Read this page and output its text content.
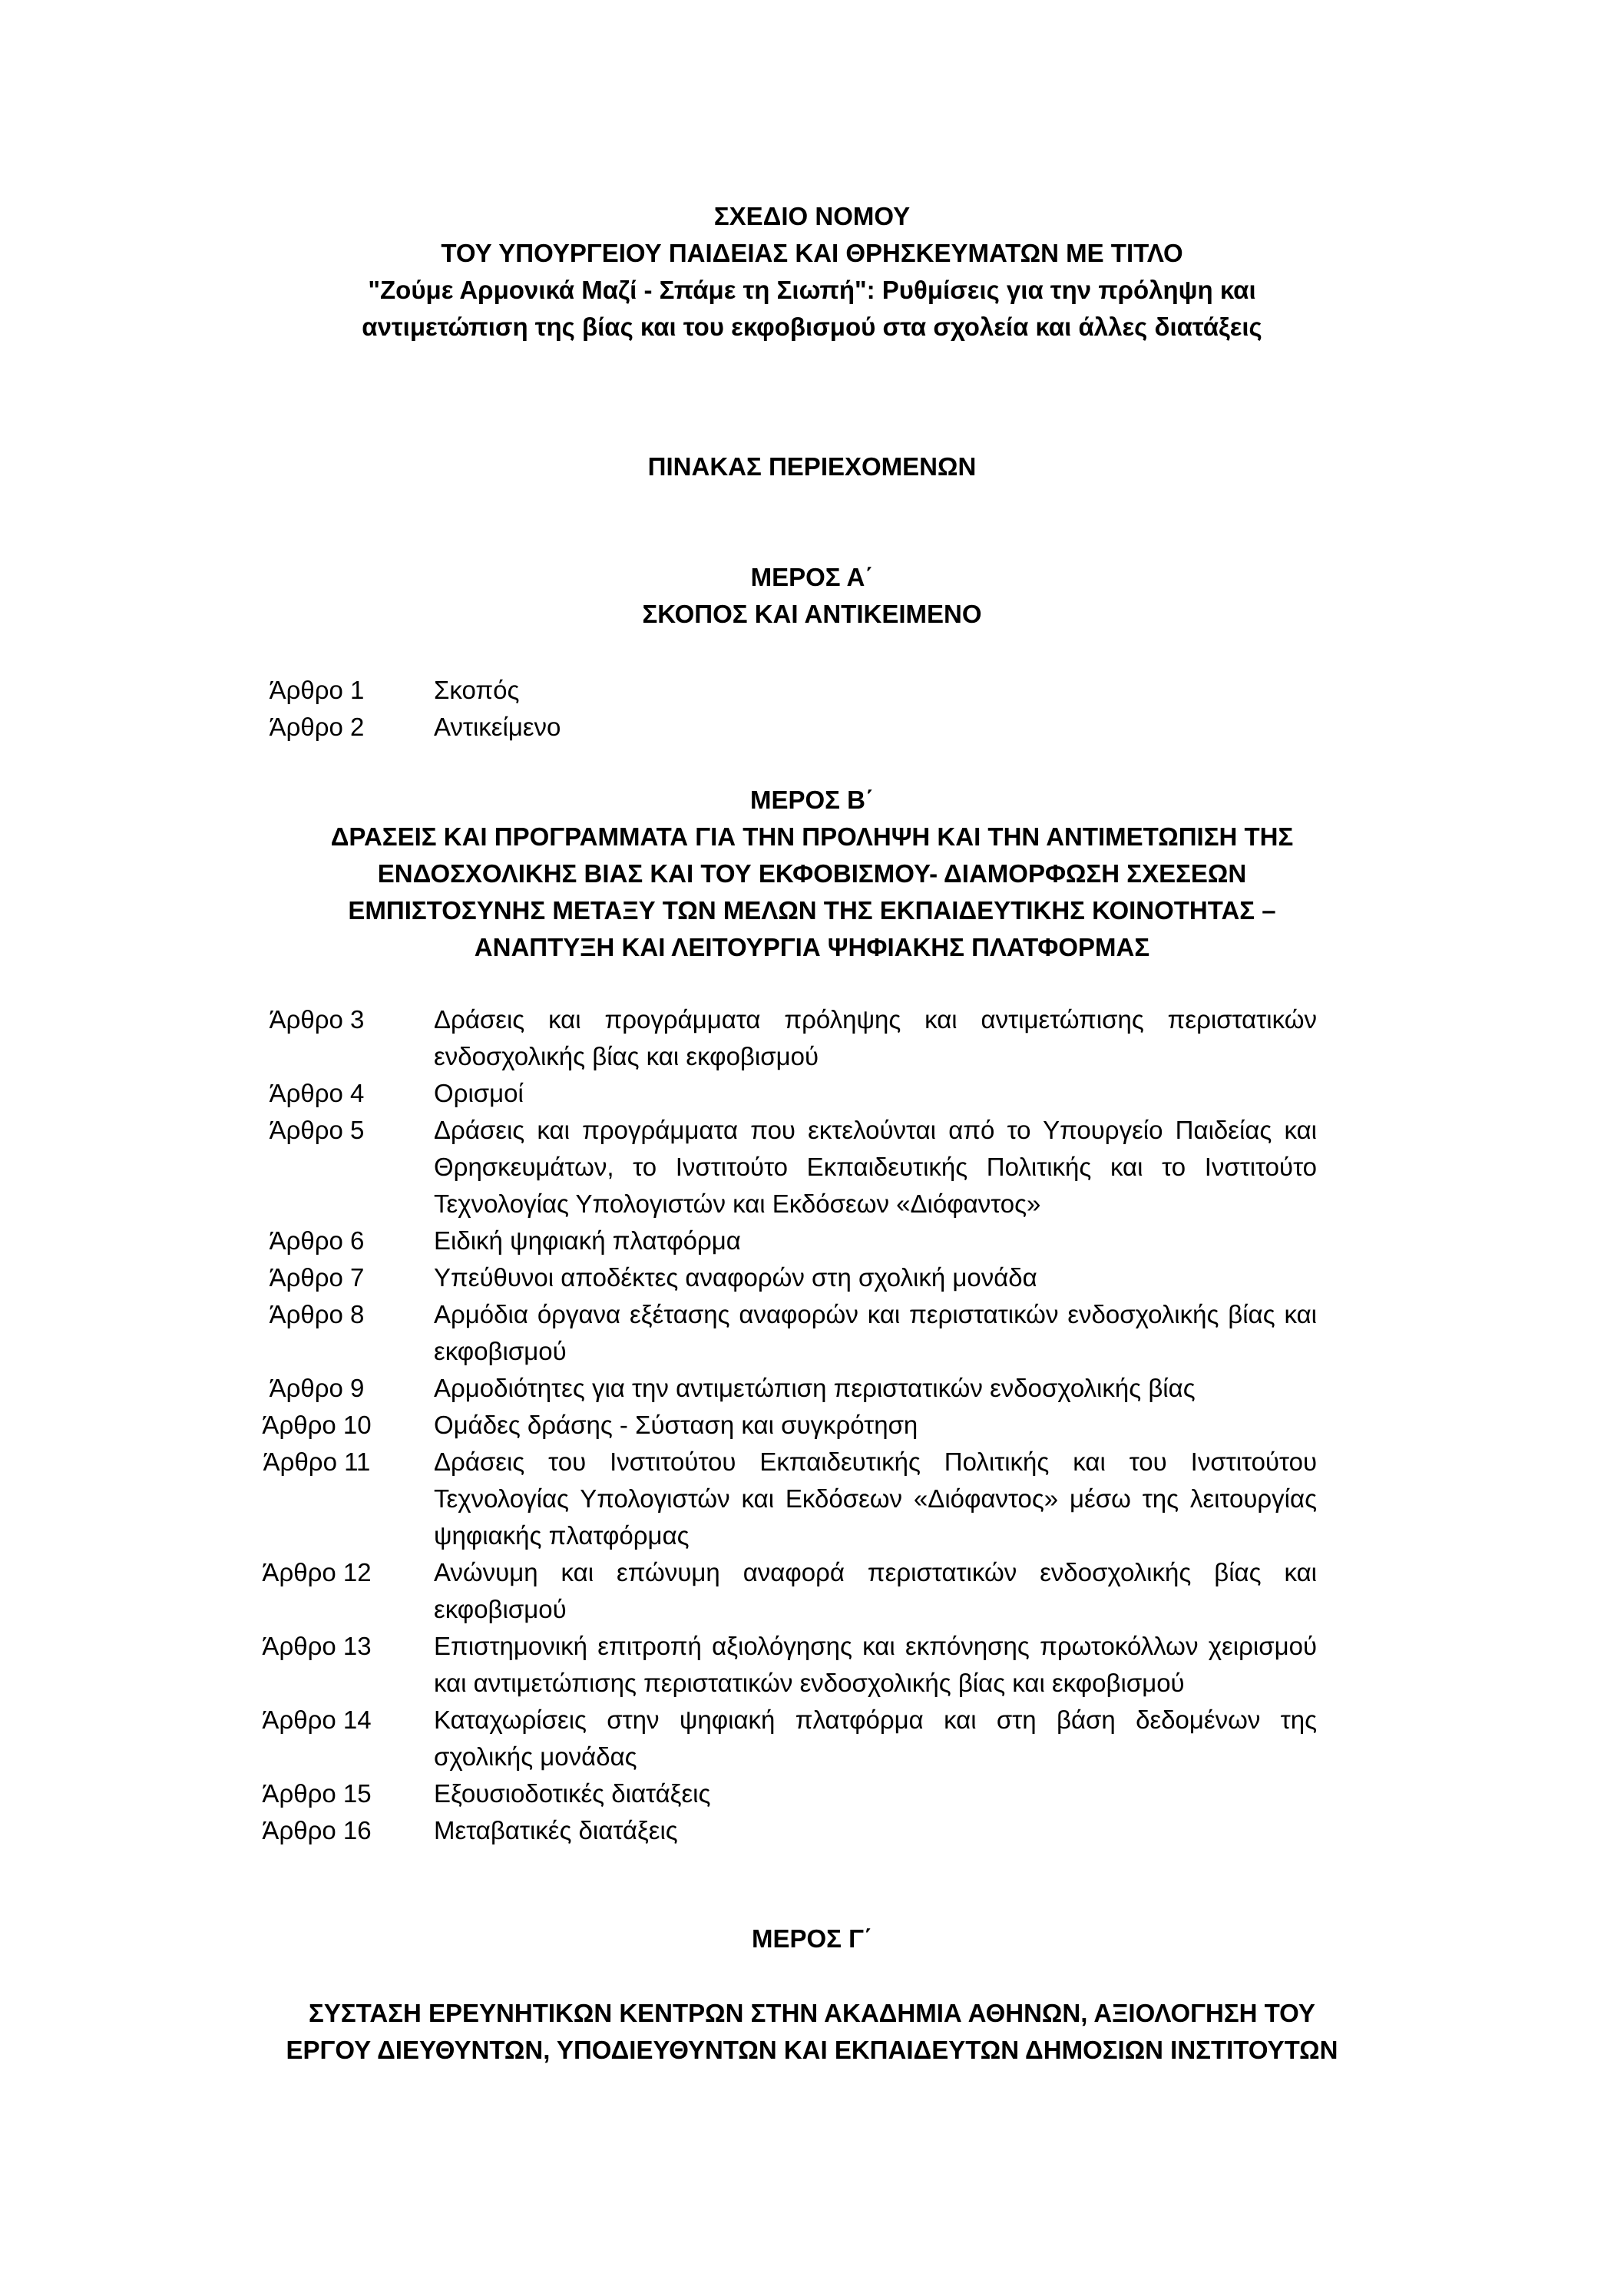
ΣΧΕΔΙΟ ΝΟΜΟΥ
ΤΟΥ ΥΠΟΥΡΓΕΙΟΥ ΠΑΙΔΕΙΑΣ ΚΑΙ ΘΡΗΣΚΕΥΜΑΤΩΝ ΜΕ ΤΙΤΛΟ
"Ζούμε Αρμονικά Μαζί - Σπάμε τη Σιωπή": Ρυθμίσεις για την πρόληψη και
αντιμετώπιση της βίας και του εκφοβισμού στα σχολεία και άλλες διατάξεις
ΠΙΝΑΚΑΣ ΠΕΡΙΕΧΟΜΕΝΩΝ
ΜΕΡΟΣ Α΄
ΣΚΟΠΟΣ ΚΑΙ ΑΝΤΙΚΕΙΜΕΝΟ
Άρθρο 1	Σκοπός
Άρθρο 2	Αντικείμενο
ΜΕΡΟΣ Β΄
ΔΡΑΣΕΙΣ ΚΑΙ ΠΡΟΓΡΑΜΜΑΤΑ ΓΙΑ ΤΗΝ ΠΡΟΛΗΨΗ ΚΑΙ ΤΗΝ ΑΝΤΙΜΕΤΩΠΙΣΗ ΤΗΣ
ΕΝΔΟΣΧΟΛΙΚΗΣ ΒΙΑΣ ΚΑΙ ΤΟΥ ΕΚΦΟΒΙΣΜΟΥ- ΔΙΑΜΟΡΦΩΣΗ ΣΧΕΣΕΩΝ
ΕΜΠΙΣΤΟΣΥΝΗΣ ΜΕΤΑΞΥ ΤΩΝ ΜΕΛΩΝ ΤΗΣ ΕΚΠΑΙΔΕΥΤΙΚΗΣ ΚΟΙΝΟΤΗΤΑΣ –
ΑΝΑΠΤΥΞΗ ΚΑΙ ΛΕΙΤΟΥΡΓΙΑ ΨΗΦΙΑΚΗΣ ΠΛΑΤΦΟΡΜΑΣ
Άρθρο 3	Δράσεις και προγράμματα πρόληψης και αντιμετώπισης περιστατικών ενδοσχολικής βίας και εκφοβισμού
Άρθρο 4	Ορισμοί
Άρθρο 5	Δράσεις και προγράμματα που εκτελούνται από το Υπουργείο Παιδείας και Θρησκευμάτων, το Ινστιτούτο Εκπαιδευτικής Πολιτικής και το Ινστιτούτο Τεχνολογίας Υπολογιστών και Εκδόσεων «Διόφαντος»
Άρθρο 6	Ειδική ψηφιακή πλατφόρμα
Άρθρο 7	Υπεύθυνοι αποδέκτες αναφορών στη σχολική μονάδα
Άρθρο 8	Αρμόδια όργανα εξέτασης αναφορών και περιστατικών ενδοσχολικής βίας και εκφοβισμού
Άρθρο 9	Αρμοδιότητες για την αντιμετώπιση περιστατικών ενδοσχολικής βίας
Άρθρο 10 Ομάδες δράσης - Σύσταση και συγκρότηση
Άρθρο 11	Δράσεις του Ινστιτούτου Εκπαιδευτικής Πολιτικής και του Ινστιτούτου Τεχνολογίας Υπολογιστών και Εκδόσεων «Διόφαντος» μέσω της λειτουργίας ψηφιακής πλατφόρμας
Άρθρο 12 Ανώνυμη και επώνυμη αναφορά περιστατικών ενδοσχολικής βίας και εκφοβισμού
Άρθρο 13 Επιστημονική επιτροπή αξιολόγησης και εκπόνησης πρωτοκόλλων χειρισμού και αντιμετώπισης περιστατικών ενδοσχολικής βίας και εκφοβισμού
Άρθρο 14 Καταχωρίσεις στην ψηφιακή πλατφόρμα και στη βάση δεδομένων της σχολικής μονάδας
Άρθρο 15 Εξουσιοδοτικές διατάξεις
Άρθρο 16 Μεταβατικές διατάξεις
ΜΕΡΟΣ Γ΄
ΣΥΣΤΑΣΗ ΕΡΕΥΝΗΤΙΚΩΝ ΚΕΝΤΡΩΝ ΣΤΗΝ ΑΚΑΔΗΜΙΑ ΑΘΗΝΩΝ, ΑΞΙΟΛΟΓΗΣΗ ΤΟΥ
ΕΡΓΟΥ ΔΙΕΥΘΥΝΤΩΝ, ΥΠΟΔΙΕΥΘΥΝΤΩΝ ΚΑΙ ΕΚΠΑΙΔΕΥΤΩΝ ΔΗΜΟΣΙΩΝ ΙΝΣΤΙΤΟΥΤΩΝ
